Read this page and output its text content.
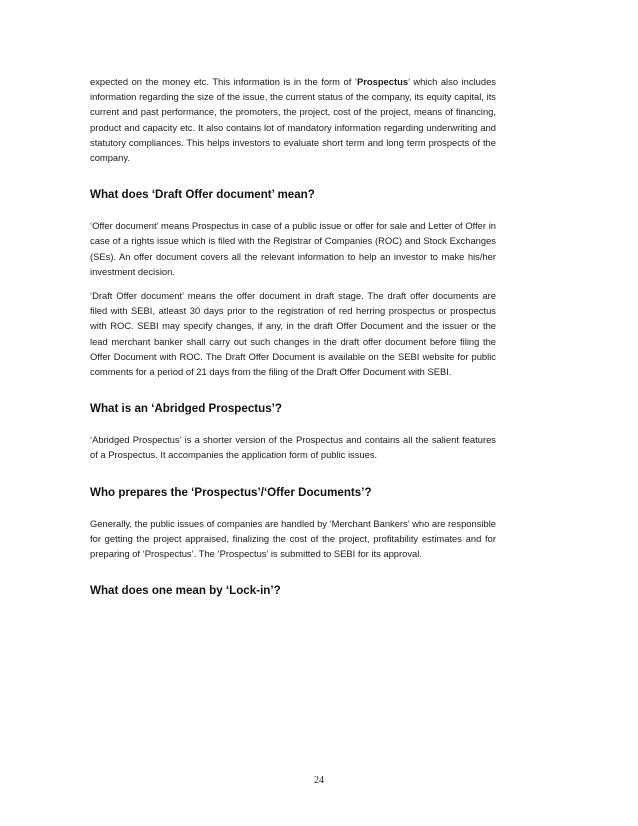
expected on the money etc. This information is in the form of ‘Prospectus’ which also includes information regarding the size of the issue, the current status of the company, its equity capital, its current and past performance, the promoters, the project, cost of the project, means of financing, product and capacity etc. It also contains lot of mandatory information regarding underwriting and statutory compliances. This helps investors to evaluate short term and long term prospects of the company.

What does ‘Draft Offer document’ mean?

‘Offer document’ means Prospectus in case of a public issue or offer for sale and Letter of Offer in case of a rights issue which is filed with the Registrar of Companies (ROC) and Stock Exchanges (SEs). An offer document covers all the relevant information to help an investor to make his/her investment decision.

‘Draft Offer document’ means the offer document in draft stage. The draft offer documents are filed with SEBI, atleast 30 days prior to the registration of red herring prospectus or prospectus with ROC. SEBI may specify changes, if any, in the draft Offer Document and the issuer or the lead merchant banker shall carry out such changes in the draft offer document before filing the Offer Document with ROC. The Draft Offer Document is available on the SEBI website for public comments for a period of 21 days from the filing of the Draft Offer Document with SEBI.

What is an ‘Abridged Prospectus’?

‘Abridged Prospectus’ is a shorter version of the Prospectus and contains all the salient features of a Prospectus. It accompanies the application form of public issues.

Who prepares the ‘Prospectus’/‘Offer Documents’?

Generally, the public issues of companies are handled by ‘Merchant Bankers’ who are responsible for getting the project appraised, finalizing the cost of the project, profitability estimates and for preparing of ‘Prospectus’. The ‘Prospectus’ is submitted to SEBI for its approval.

What does one mean by ‘Lock-in’?
24
